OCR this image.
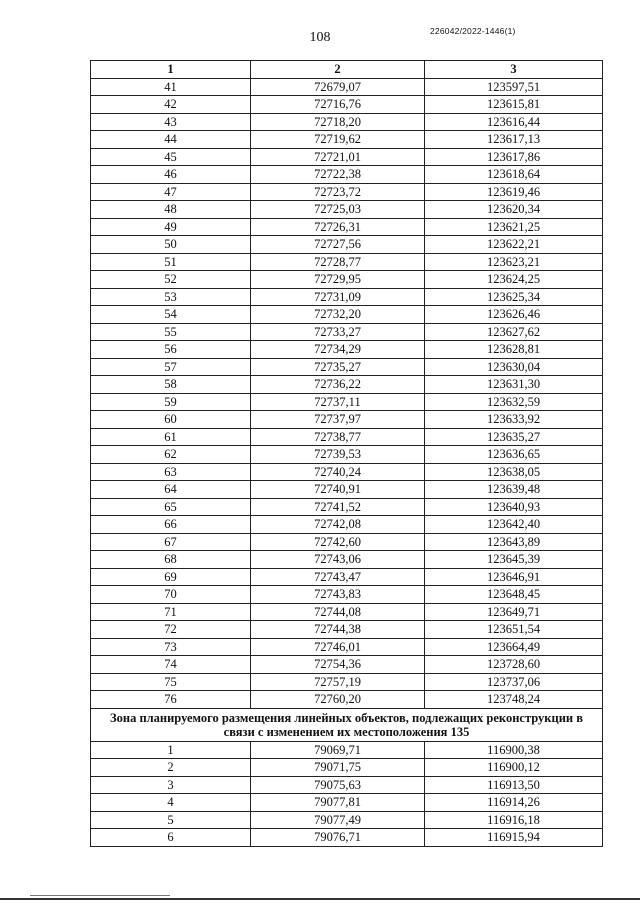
108	226042/2022-1446(1)
1	2	3
41	72679,07	123597,51
42	72716,76	123615,81
43	72718,20	123616,44
44	72719,62	123617,13
45	72721,01	123617,86
46	72722,38	123618,64
47	72723,72	123619,46
48	72725,03	123620,34
49	72726,31	123621,25
50	72727,56	123622,21
51	72728,77	123623,21
52	72729,95	123624,25
53	72731,09	123625,34
54	72732,20	123626,46
55	72733,27	123627,62
56	72734,29	123628,81
57	72735,27	123630,04
58	72736,22	123631,30
59	72737,11	123632,59
60	72737,97	123633,92
61	72738,77	123635,27
62	72739,53	123636,65
63	72740,24	123638,05
64	72740,91	123639,48
65	72741,52	123640,93
66	72742,08	123642,40
67	72742,60	123643,89
68	72743,06	123645,39
69	72743,47	123646,91
70	72743,83	123648,45
71	72744,08	123649,71
72	72744,38	123651,54
73	72746,01	123664,49
74	72754,36	123728,60
75	72757,19	123737,06
76	72760,20	123748,24
Зона планируемого размещения линейных объектов, подлежащих реконструкции в связи с изменением их местоположения 135		
1	79069,71	116900,38
2	79071,75	116900,12
3	79075,63	116913,50
4	79077,81	116914,26
5	79077,49	116916,18
6	79076,71	116915,94
